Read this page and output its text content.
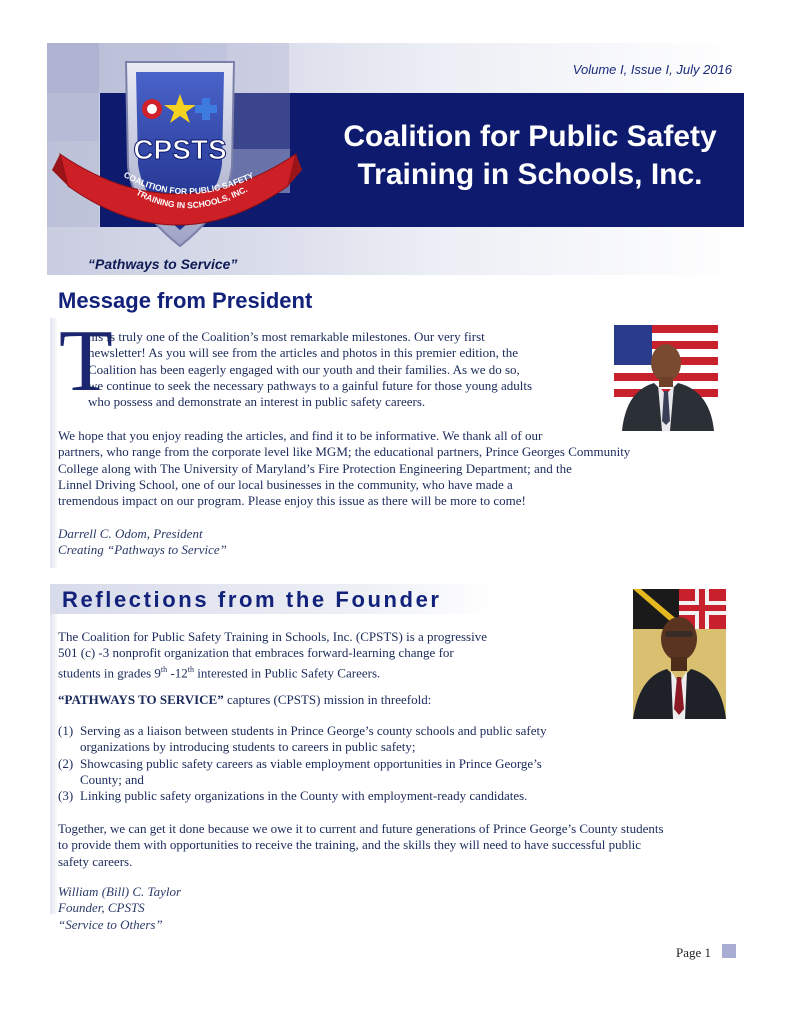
Volume I, Issue I, July 2016
Coalition for Public Safety
Training in Schools, Inc.
CPSTS
COALITION FOR PUBLIC SAFETY
TRAINING IN SCHOOLS, INC.
“Pathways to Service”
Message from President
T
his is truly one of the Coalition’s most remarkable milestones. Our very first
newsletter! As you will see from the articles and photos in this premier edition, the
Coalition has been eagerly engaged with our youth and their families. As we do so,
we continue to seek the necessary pathways to a gainful future for those young adults
who possess and demonstrate an interest in public safety careers.
We hope that you enjoy reading the articles, and find it to be informative. We thank all of our
partners, who range from the corporate level like MGM; the educational partners, Prince Georges Community
College along with The University of Maryland’s Fire Protection Engineering Department; and the
Linnel Driving School, one of our local businesses in the community, who have made a
tremendous impact on our program. Please enjoy this issue as there will be more to come!
Darrell C. Odom, President
Creating “Pathways to Service”
Reflections from the Founder
The Coalition for Public Safety Training in Schools, Inc. (CPSTS) is a progressive
501 (c) -3 nonprofit organization that embraces forward-learning change for
students in grades 9th -12th interested in Public Safety Careers.
“PATHWAYS TO SERVICE” captures (CPSTS) mission in threefold:
(1) Serving as a liaison between students in Prince George’s county schools and public safety
organizations by introducing students to careers in public safety;
(2) Showcasing public safety careers as viable employment opportunities in Prince George’s
County; and
(3) Linking public safety organizations in the County with employment-ready candidates.
Together, we can get it done because we owe it to current and future generations of Prince George’s County students
to provide them with opportunities to receive the training, and the skills they will need to have successful public
safety careers.
William (Bill) C. Taylor
Founder, CPSTS
“Service to Others”
Page 1
